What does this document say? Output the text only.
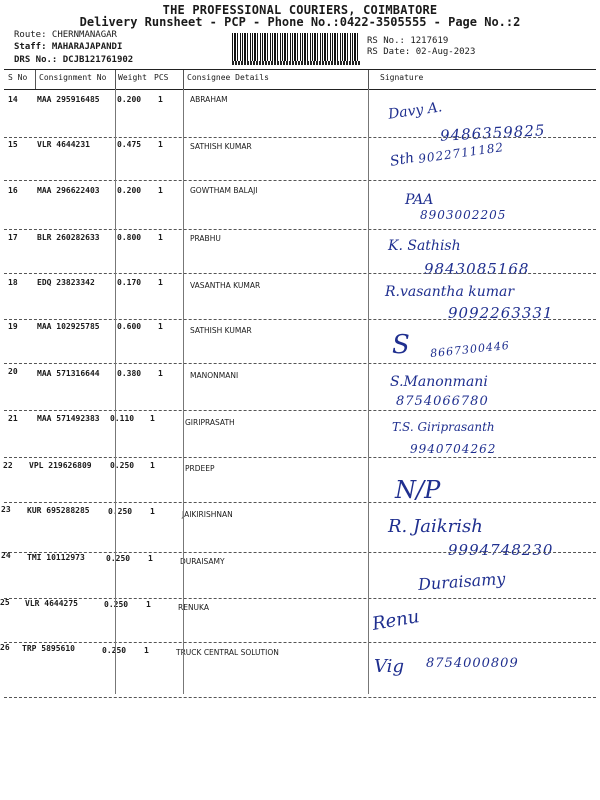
THE PROFESSIONAL COURIERS, COIMBATORE
Delivery Runsheet - PCP - Phone No.:0422-3505555 - Page No.:2
Route: CHERNMANAGAR
Staff: MAHARAJAPANDI
DRS No.: DCJB121761902
RS No.: 1217619
RS Date: 02-Aug-2023
S No Consignment No Weight PCS Consignee Details	Signature
14 MAA 295916485 0.200 1	ABRAHAM	Davy A.
9486359825
15 VLR 4644231	0.475 1	SATHISH KUMAR
Sth 9022711182
16 MAA 296622403 0.200 1	GOWTHAM BALAJI
PAA
8903002205
17 BLR 260282633 0.800 1	PRABHU	K. Sathish
9843085168
18 EDQ 23823342	0.170 1	VASANTHA KUMAR	R.vasantha kumar
9092263331
19 MAA 102925785 0.600 1	SATHISH KUMAR	S 8667300446
20 MAA 571316644 0.380 1	MANONMANI	S.Manonmani
8754066780
21 MAA 571492383 0.110 1	GIRIPRASATH	T.S. Giriprasanth
9940704262
22 VPL 219626809 0.250 1	PRDEEP
N/P
23 KUR 695288285 0.250 1	JAIKIRISHNAN
R. Jaikrish
9994748230
24 TMI 10112973	0.250 1	DURAISAMY
Duraisamy
25 VLR 4644275	0.250 1	RENUKA	Renu
26 TRP 5895610	0.250 1	TRUCK CENTRAL SOLUTION
Vig 8754000809
